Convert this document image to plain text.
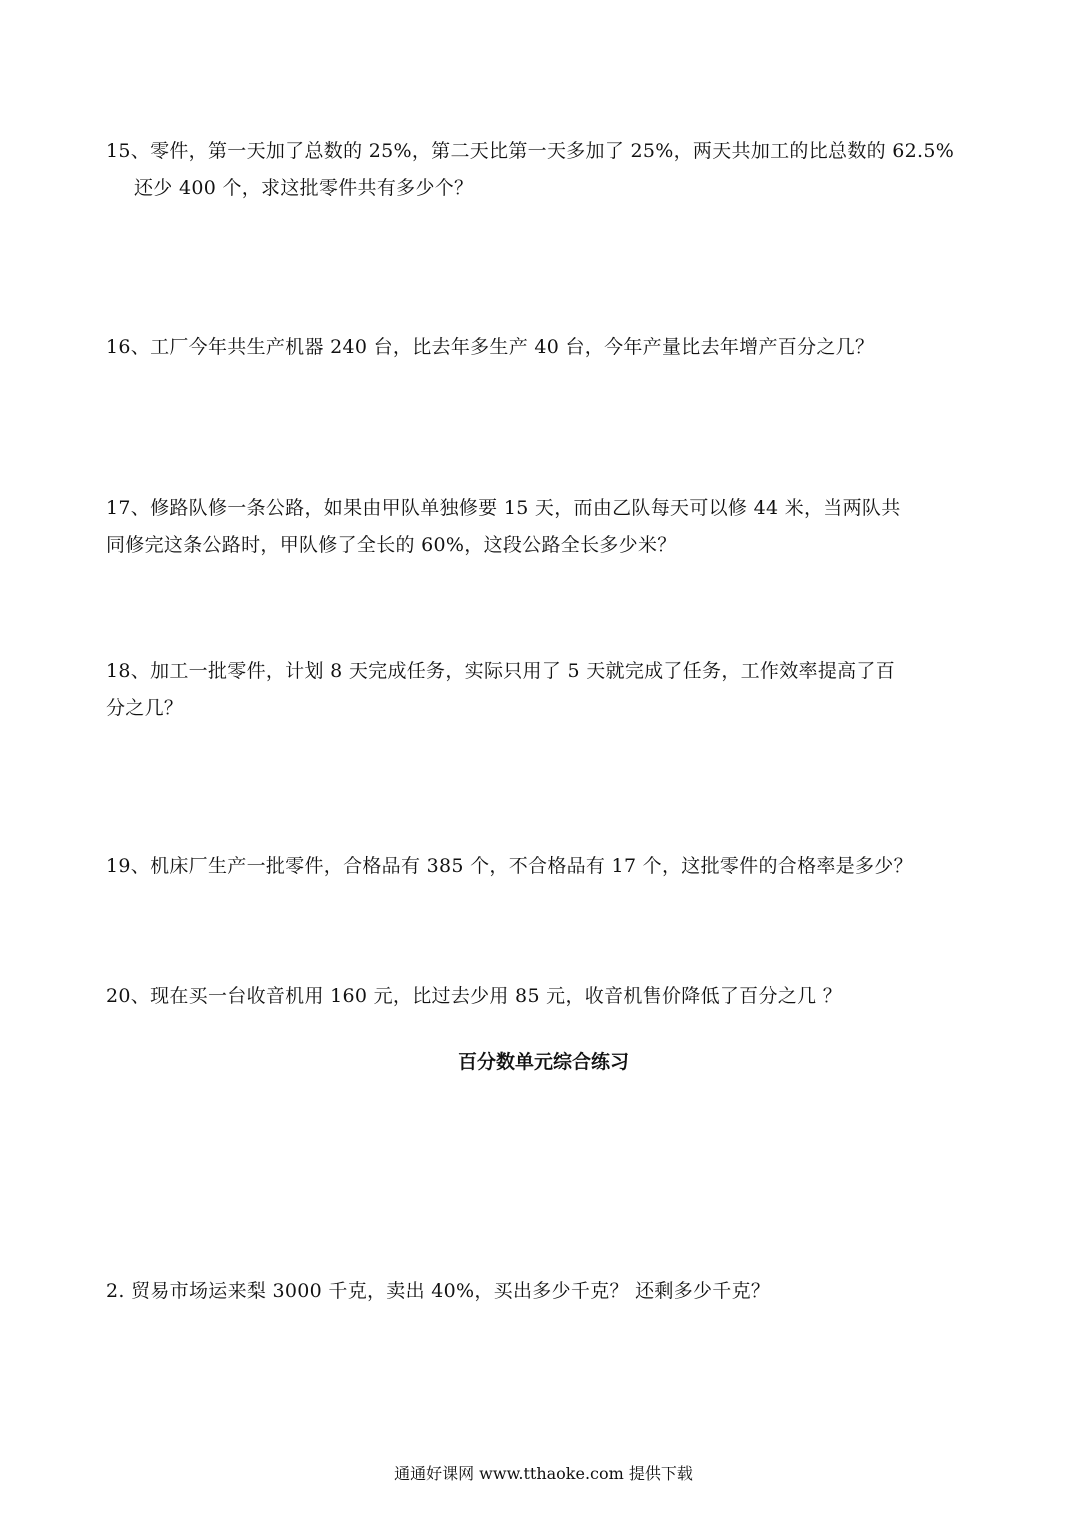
15、零件，第一天加了总数的 25%，第二天比第一天多加了 25%，两天共加工的比总数的 62.5%
还少 400 个，求这批零件共有多少个？
16、工厂今年共生产机器 240 台，比去年多生产 40 台，今年产量比去年增产百分之几？
17、修路队修一条公路，如果由甲队单独修要 15 天，而由乙队每天可以修 44 米，当两队共
同修完这条公路时，甲队修了全长的 60%，这段公路全长多少米？
18、加工一批零件，计划 8 天完成任务，实际只用了 5 天就完成了任务，工作效率提高了百
分之几？
19、机床厂生产一批零件，合格品有 385 个，不合格品有 17 个，这批零件的合格率是多少？
20、现在买一台收音机用 160 元，比过去少用 85 元，收音机售价降低了百分之几 ？
百分数单元综合练习
2. 贸易市场运来梨 3000 千克，卖出 40%，买出多少千克？ 还剩多少千克？
通通好课网 www.tthaoke.com 提供下载
